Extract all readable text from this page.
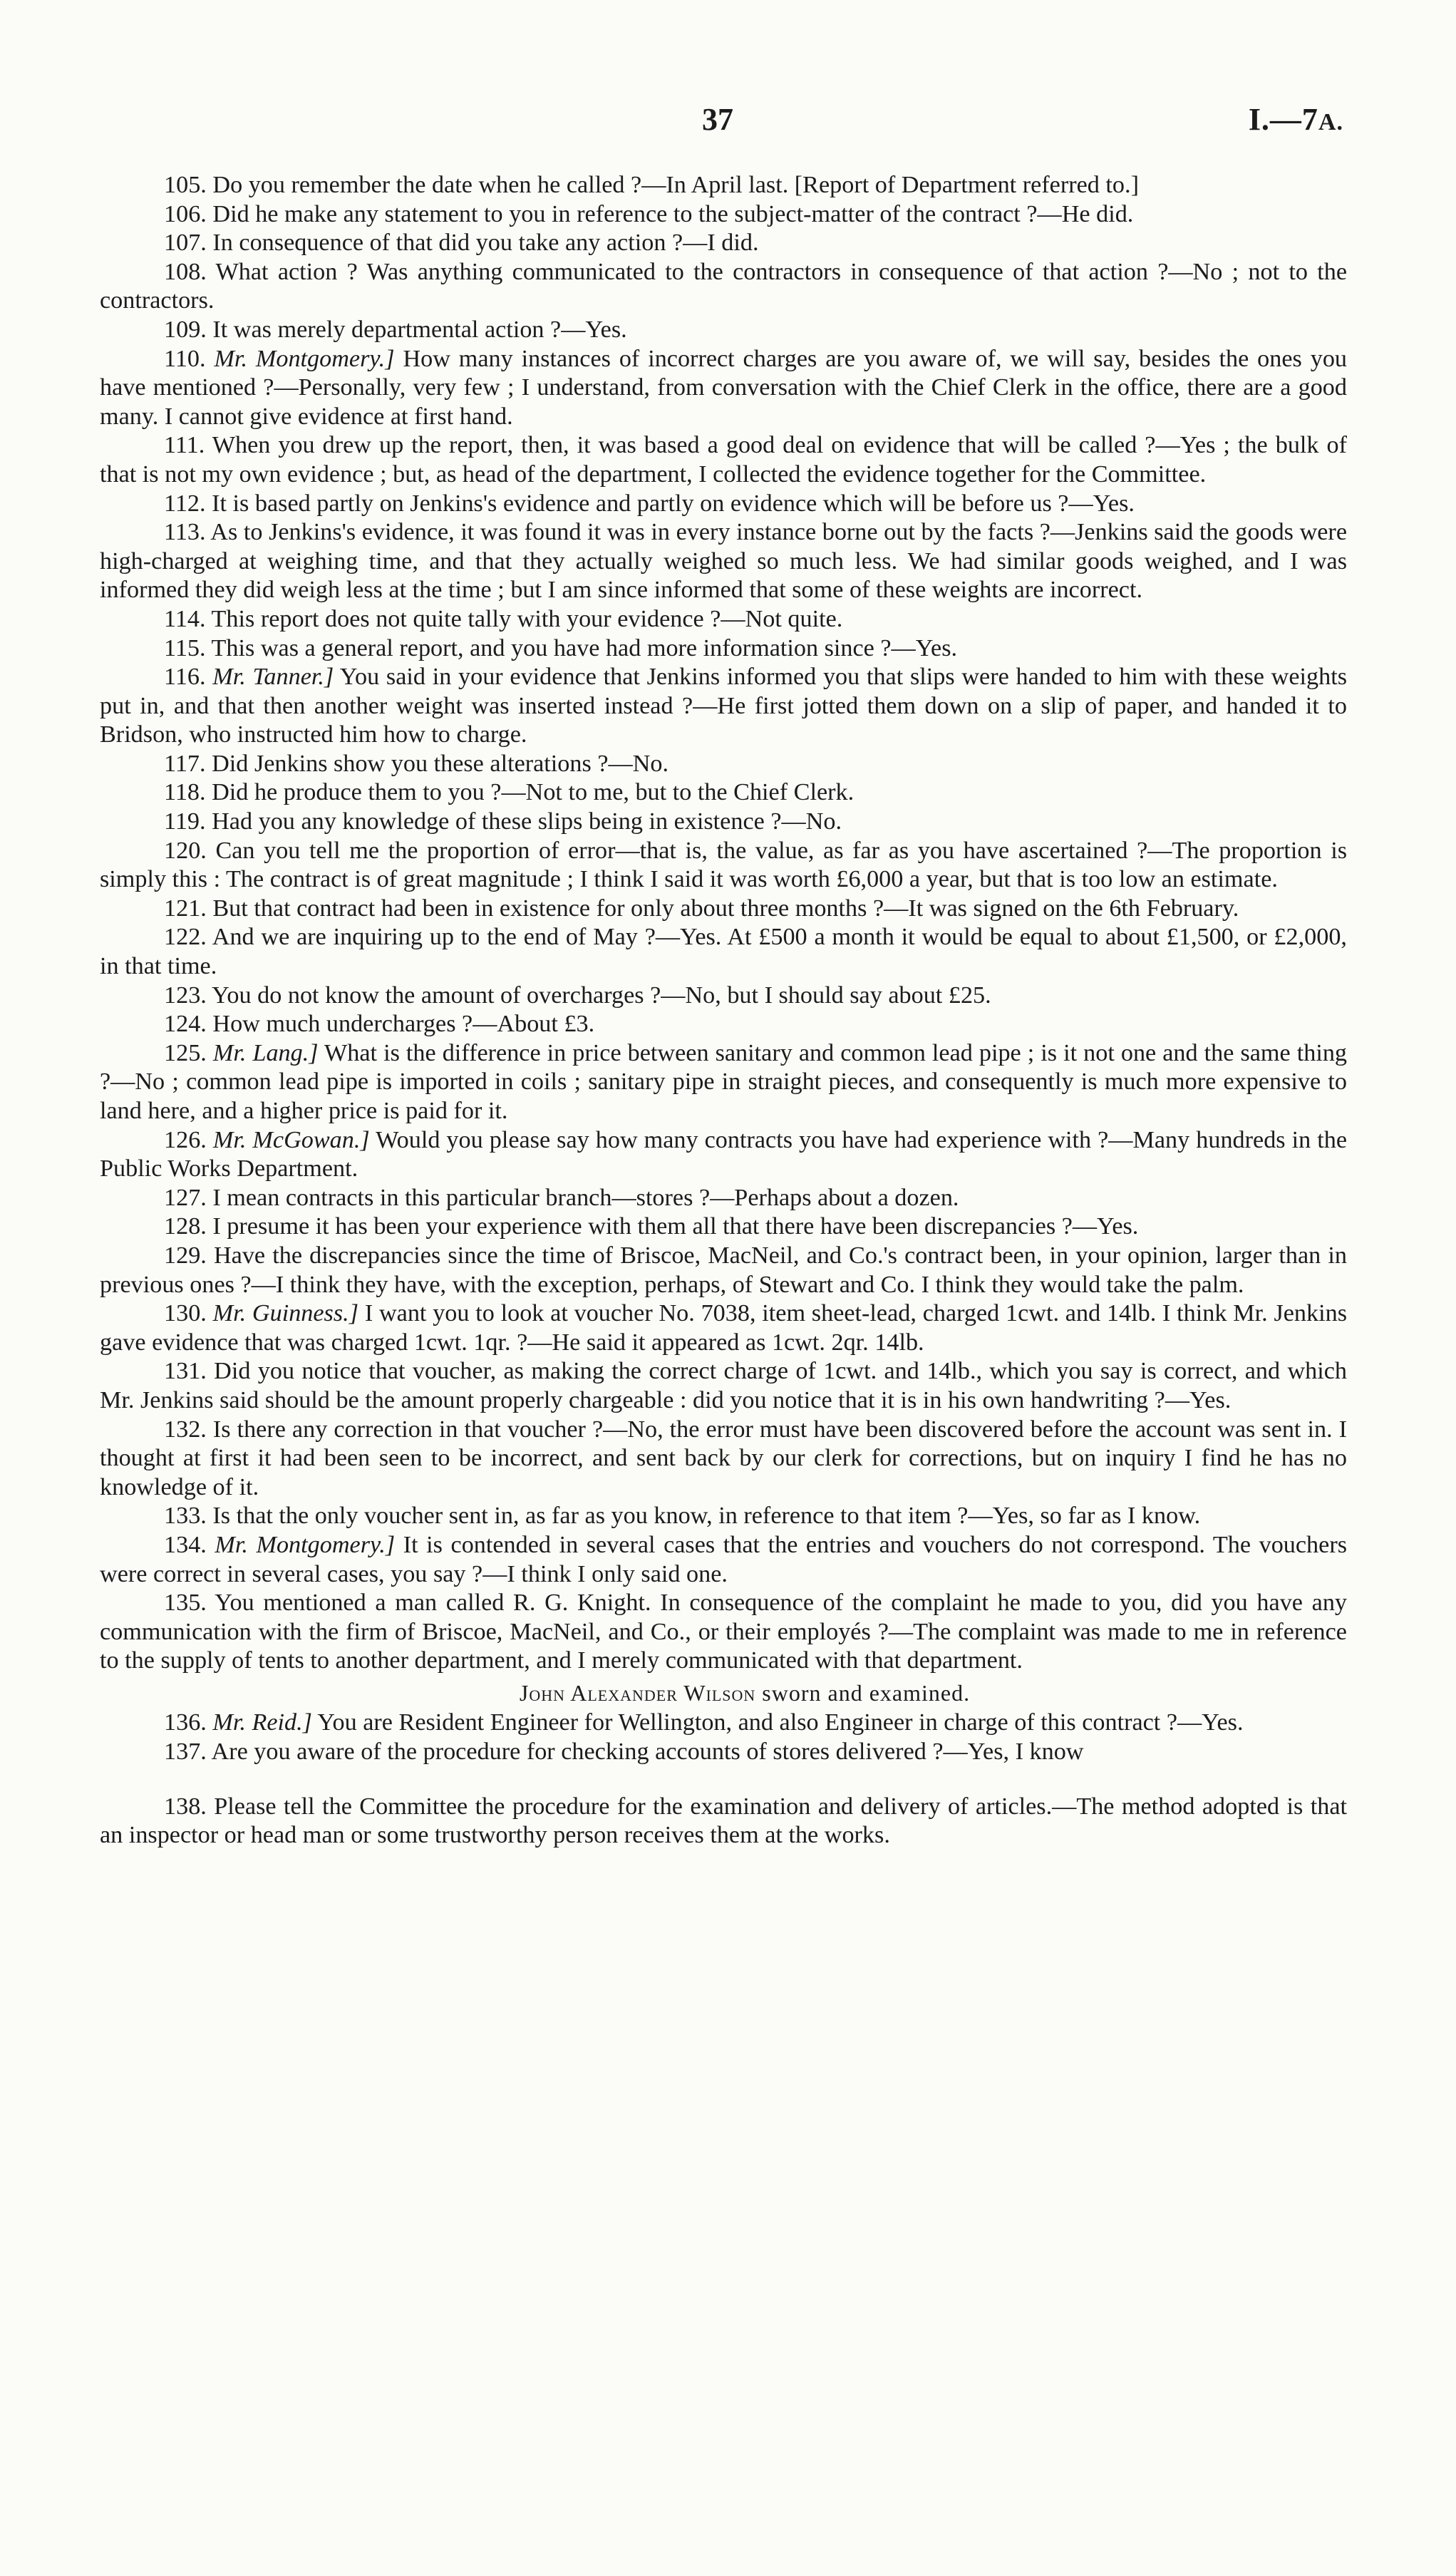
37	I.—7A.

105. Do you remember the date when he called ?—In April last. [Report of Department referred to.]

106. Did he make any statement to you in reference to the subject-matter of the contract ?—He did.

107. In consequence of that did you take any action ?—I did.

108. What action ? Was anything communicated to the contractors in consequence of that action ?—No ; not to the contractors.

109. It was merely departmental action ?—Yes.

110. Mr. Montgomery.] How many instances of incorrect charges are you aware of, we will say, besides the ones you have mentioned ?—Personally, very few ; I understand, from conversation with the Chief Clerk in the office, there are a good many. I cannot give evidence at first hand.

111. When you drew up the report, then, it was based a good deal on evidence that will be called ?—Yes ; the bulk of that is not my own evidence ; but, as head of the department, I collected the evidence together for the Committee.

112. It is based partly on Jenkins's evidence and partly on evidence which will be before us ?—Yes.

113. As to Jenkins's evidence, it was found it was in every instance borne out by the facts ?—Jenkins said the goods were high-charged at weighing time, and that they actually weighed so much less. We had similar goods weighed, and I was informed they did weigh less at the time ; but I am since informed that some of these weights are incorrect.

114. This report does not quite tally with your evidence ?—Not quite.

115. This was a general report, and you have had more information since ?—Yes.

116. Mr. Tanner.] You said in your evidence that Jenkins informed you that slips were handed to him with these weights put in, and that then another weight was inserted instead ?—He first jotted them down on a slip of paper, and handed it to Bridson, who instructed him how to charge.

117. Did Jenkins show you these alterations ?—No.

118. Did he produce them to you ?—Not to me, but to the Chief Clerk.

119. Had you any knowledge of these slips being in existence ?—No.

120. Can you tell me the proportion of error—that is, the value, as far as you have ascertained ?—The proportion is simply this : The contract is of great magnitude ; I think I said it was worth £6,000 a year, but that is too low an estimate.

121. But that contract had been in existence for only about three months ?—It was signed on the 6th February.

122. And we are inquiring up to the end of May ?—Yes. At £500 a month it would be equal to about £1,500, or £2,000, in that time.

123. You do not know the amount of overcharges ?—No, but I should say about £25.

124. How much undercharges ?—About £3.

125. Mr. Lang.] What is the difference in price between sanitary and common lead pipe ; is it not one and the same thing ?—No ; common lead pipe is imported in coils ; sanitary pipe in straight pieces, and consequently is much more expensive to land here, and a higher price is paid for it.

126. Mr. McGowan.] Would you please say how many contracts you have had experience with ?—Many hundreds in the Public Works Department.

127. I mean contracts in this particular branch—stores ?—Perhaps about a dozen.

128. I presume it has been your experience with them all that there have been discrepancies ?—Yes.

129. Have the discrepancies since the time of Briscoe, MacNeil, and Co.'s contract been, in your opinion, larger than in previous ones ?—I think they have, with the exception, perhaps, of Stewart and Co. I think they would take the palm.

130. Mr. Guinness.] I want you to look at voucher No. 7038, item sheet-lead, charged 1cwt. and 14lb. I think Mr. Jenkins gave evidence that was charged 1cwt. 1qr. ?—He said it appeared as 1cwt. 2qr. 14lb.

131. Did you notice that voucher, as making the correct charge of 1cwt. and 14lb., which you say is correct, and which Mr. Jenkins said should be the amount properly chargeable : did you notice that it is in his own handwriting ?—Yes.

132. Is there any correction in that voucher ?—No, the error must have been discovered before the account was sent in. I thought at first it had been seen to be incorrect, and sent back by our clerk for corrections, but on inquiry I find he has no knowledge of it.

133. Is that the only voucher sent in, as far as you know, in reference to that item ?—Yes, so far as I know.

134. Mr. Montgomery.] It is contended in several cases that the entries and vouchers do not correspond. The vouchers were correct in several cases, you say ?—I think I only said one.

135. You mentioned a man called R. G. Knight. In consequence of the complaint he made to you, did you have any communication with the firm of Briscoe, MacNeil, and Co., or their employés ?—The complaint was made to me in reference to the supply of tents to another department, and I merely communicated with that department.

John Alexander Wilson sworn and examined.

136. Mr. Reid.] You are Resident Engineer for Wellington, and also Engineer in charge of this contract ?—Yes.

137. Are you aware of the procedure for checking accounts of stores delivered ?—Yes, I know

138. Please tell the Committee the procedure for the examination and delivery of articles.—The method adopted is that an inspector or head man or some trustworthy person receives them at the works.
